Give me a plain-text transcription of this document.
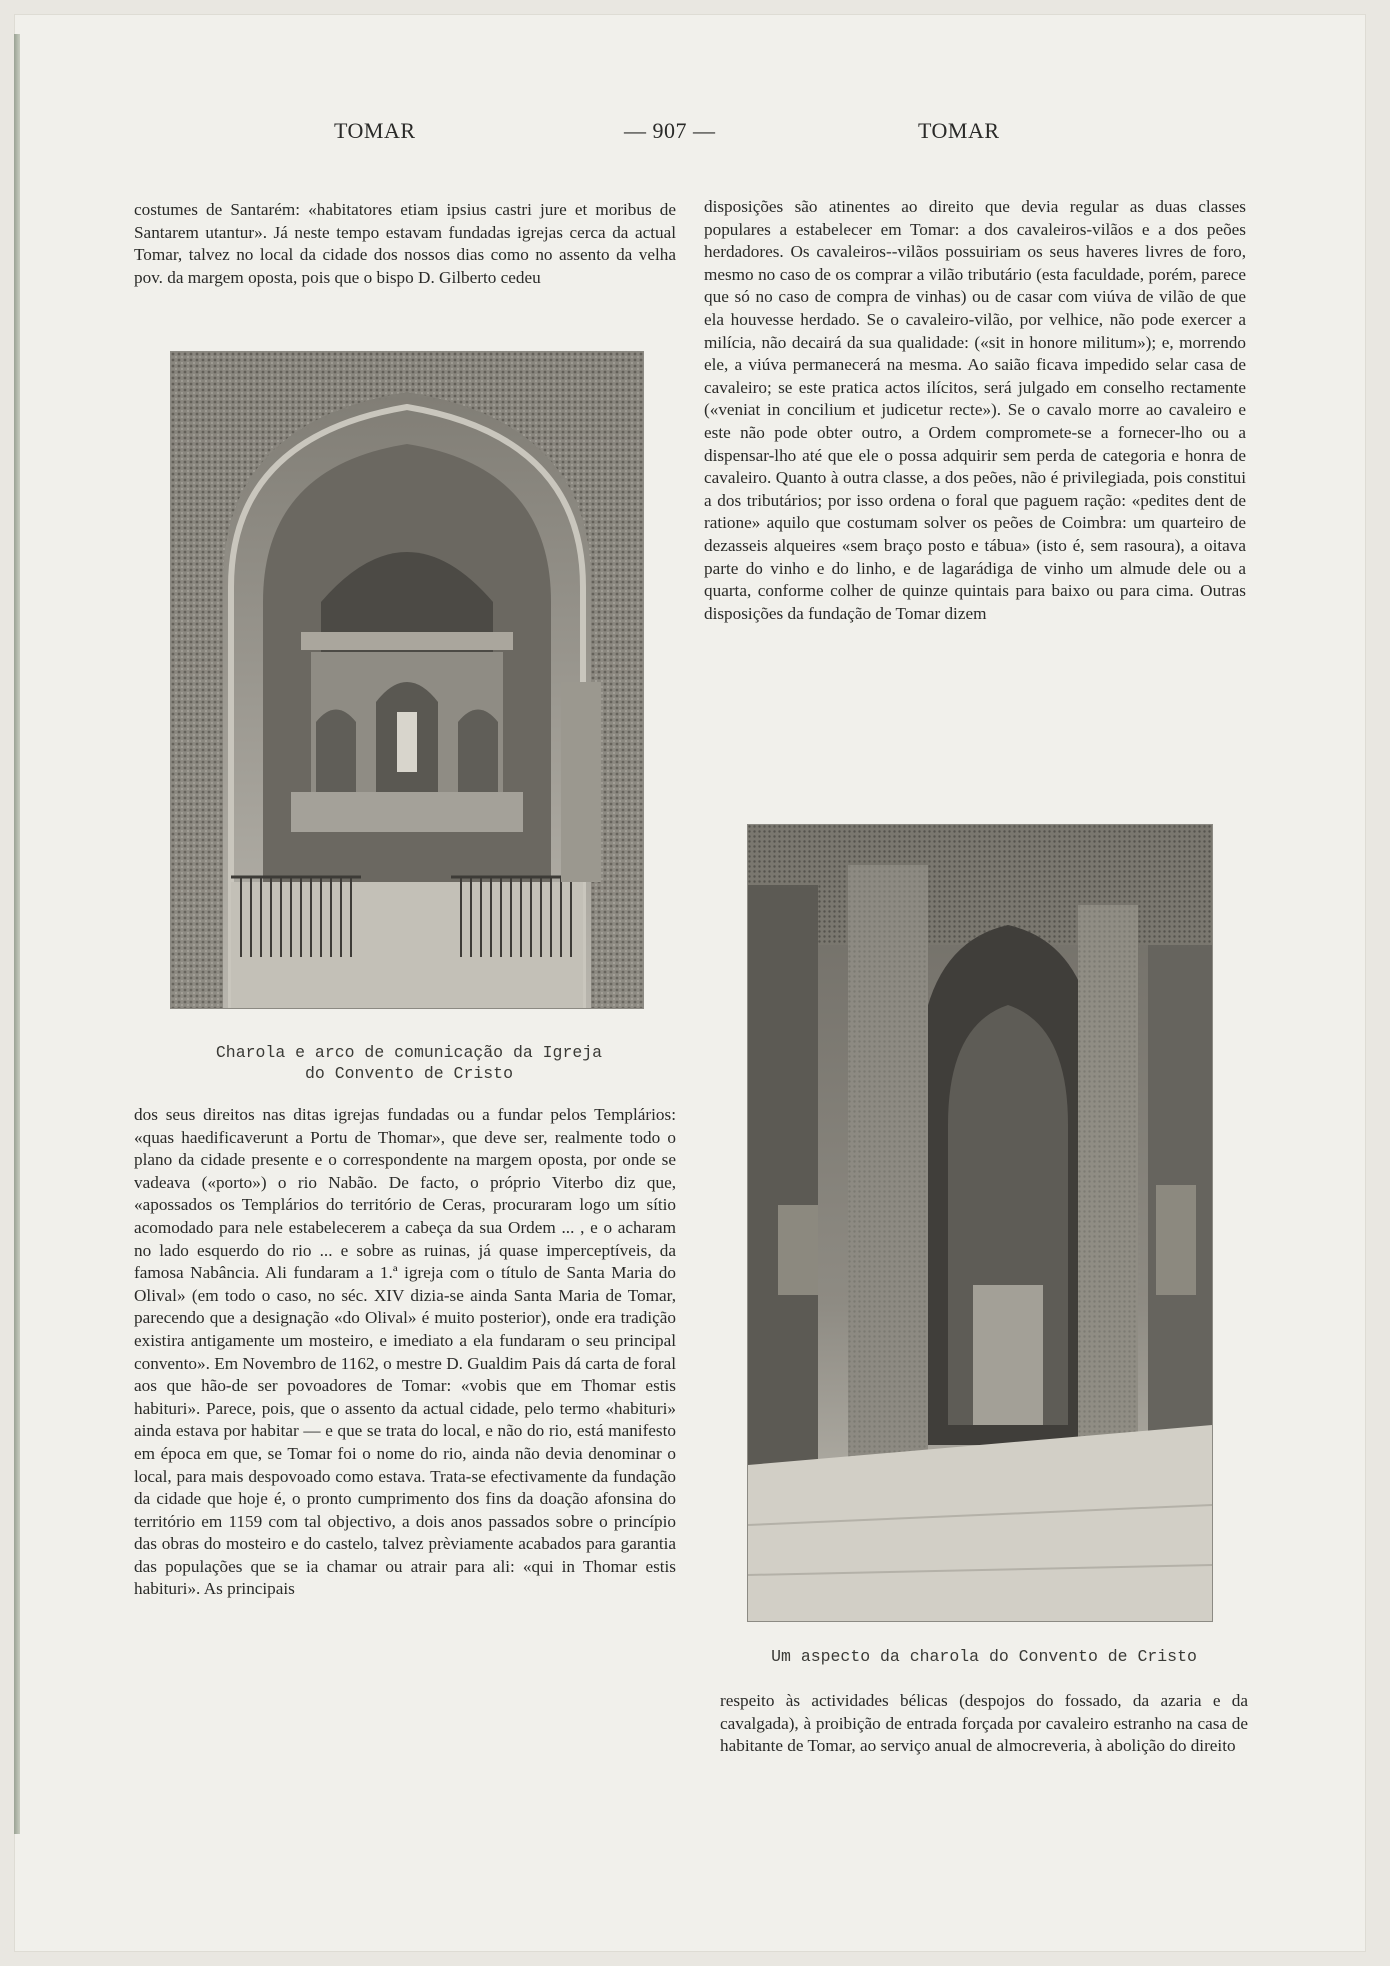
TOMAR	— 907 —	TOMAR

costumes de Santarém: «habitatores etiam ipsius castri jure et moribus de Santarem utantur». Já neste tempo estavam fundadas igrejas cerca da actual Tomar, talvez no local da cidade dos nossos dias como no assento da velha pov. da margem oposta, pois que o bispo D. Gilberto cedeu

disposições são atinentes ao direito que devia regular as duas classes populares a estabelecer em Tomar: a dos cavaleiros-vilãos e a dos peões herdadores. Os cavaleiros--vilãos possuiriam os seus haveres livres de foro, mesmo no caso de os comprar a vilão tributário (esta faculdade, porém, parece que só no caso de compra de vinhas) ou de casar com viúva de vilão de que ela houvesse herdado. Se o cavaleiro-vilão, por velhice, não pode exercer a milícia, não decairá da sua qualidade: («sit in honore militum»); e, morrendo ele, a viúva permanecerá na mesma. Ao saião ficava impedido selar casa de cavaleiro; se este pratica actos ilícitos, será julgado em conselho rectamente («veniat in concilium et judicetur recte»). Se o cavalo morre ao cavaleiro e este não pode obter outro, a Ordem compromete-se a fornecer-lho ou a dispensar-lho até que ele o possa adquirir sem perda de categoria e honra de cavaleiro. Quanto à outra classe, a dos peões, não é privilegiada, pois constitui a dos tributários; por isso ordena o foral que paguem ração: «pedites dent de ratione» aquilo que costumam solver os peões de Coimbra: um quarteiro de dezasseis alqueires «sem braço posto e tábua» (isto é, sem rasoura), a oitava parte do vinho e do linho, e de lagarádiga de vinho um almude dele ou a quarta, conforme colher de quinze quintais para baixo ou para cima. Outras disposições da fundação de Tomar dizem

Charola e arco de comunicação da Igreja
do Convento de Cristo

dos seus direitos nas ditas igrejas fundadas ou a fundar pelos Templários: «quas haedificaverunt a Portu de Thomar», que deve ser, realmente todo o plano da cidade presente e o correspondente na margem oposta, por onde se vadeava («porto») o rio Nabão. De facto, o próprio Viterbo diz que, «apossados os Templários do território de Ceras, procuraram logo um sítio acomodado para nele estabelecerem a cabeça da sua Ordem ... , e o acharam no lado esquerdo do rio ... e sobre as ruinas, já quase imperceptíveis, da famosa Nabância. Ali fundaram a 1.ª igreja com o título de Santa Maria do Olival» (em todo o caso, no séc. XIV dizia-se ainda Santa Maria de Tomar, parecendo que a designação «do Olival» é muito posterior), onde era tradição existira antigamente um mosteiro, e imediato a ela fundaram o seu principal convento». Em Novembro de 1162, o mestre D. Gualdim Pais dá carta de foral aos que hão-de ser povoadores de Tomar: «vobis que em Thomar estis habituri». Parece, pois, que o assento da actual cidade, pelo termo «habituri» ainda estava por habitar — e que se trata do local, e não do rio, está manifesto em época em que, se Tomar foi o nome do rio, ainda não devia denominar o local, para mais despovoado como estava. Trata-se efectivamente da fundação da cidade que hoje é, o pronto cumprimento dos fins da doação afonsina do território em 1159 com tal objectivo, a dois anos passados sobre o princípio das obras do mosteiro e do castelo, talvez prèviamente acabados para garantia das populações que se ia chamar ou atrair para ali: «qui in Thomar estis habituri». As principais

Um aspecto da charola do Convento de Cristo

respeito às actividades bélicas (despojos do fossado, da azaria e da cavalgada), à proibição de entrada forçada por cavaleiro estranho na casa de habitante de Tomar, ao serviço anual de almocreveria, à abolição do direito
